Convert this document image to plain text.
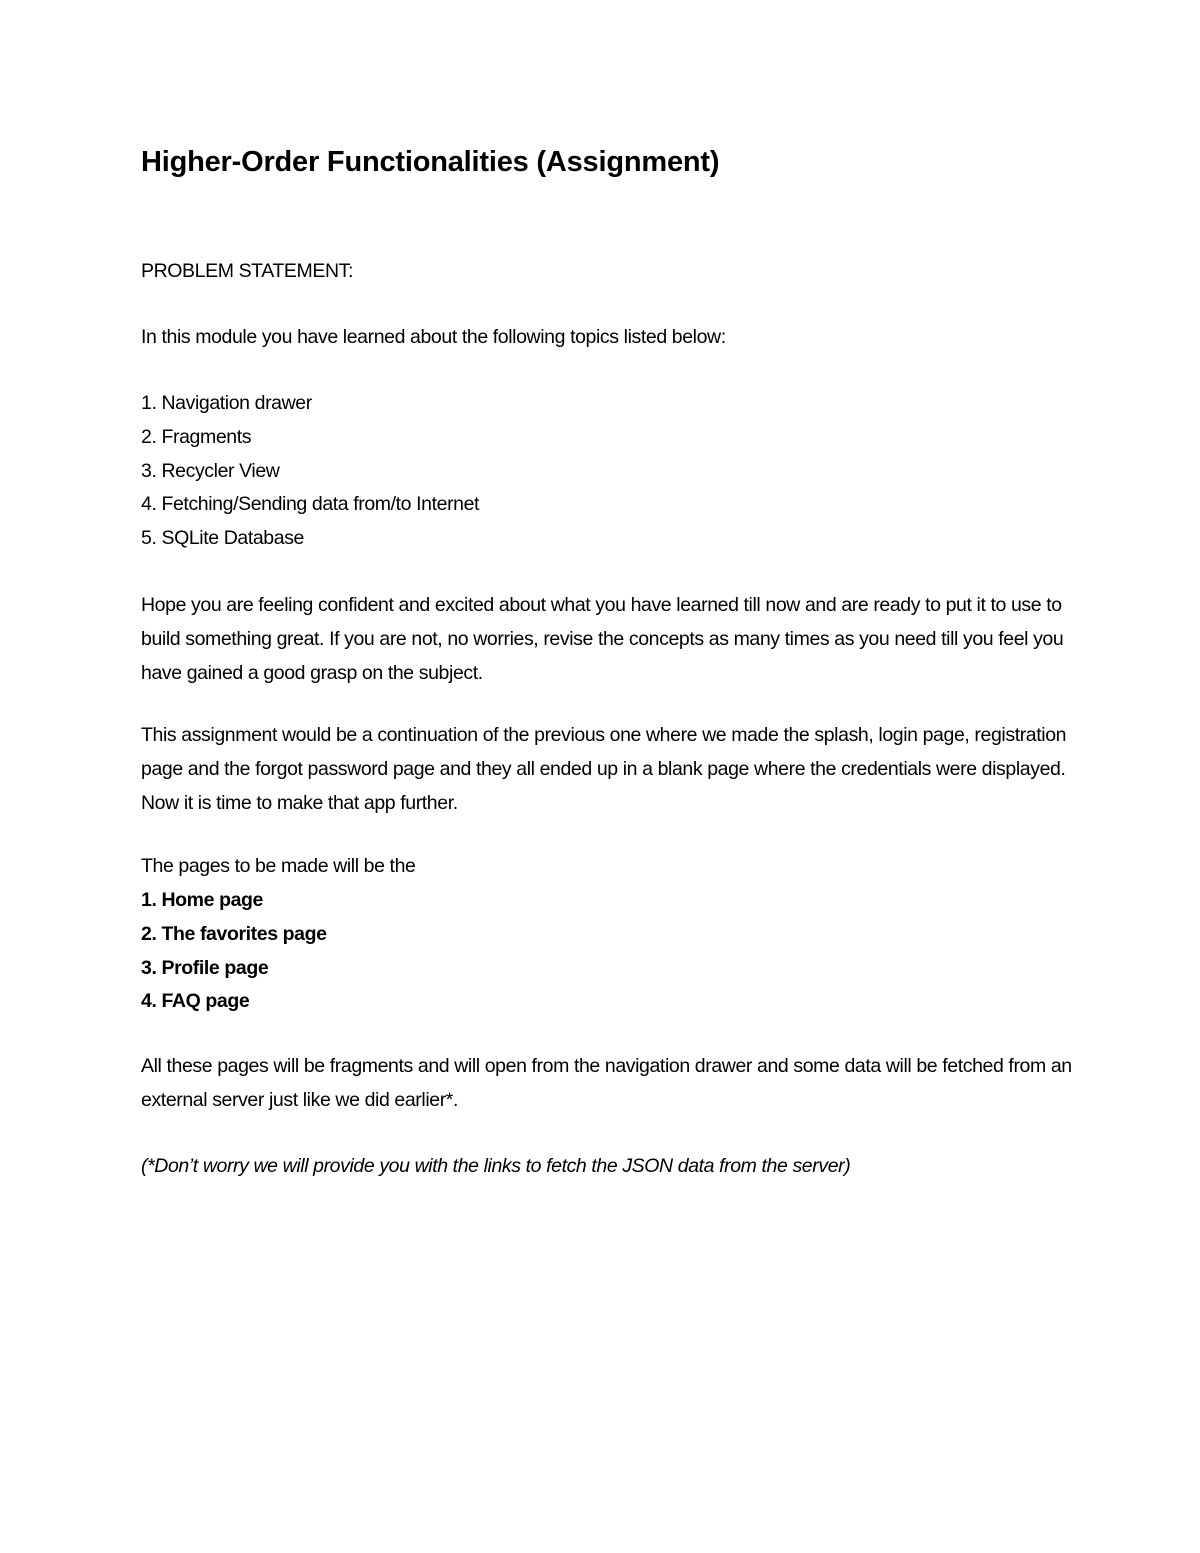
Higher-Order Functionalities (Assignment)

PROBLEM STATEMENT:

In this module you have learned about the following topics listed below:

1. Navigation drawer
2. Fragments
3. Recycler View
4. Fetching/Sending data from/to Internet
5. SQLite Database

Hope you are feeling confident and excited about what you have learned till now and are ready to put it to use to build something great. If you are not, no worries, revise the concepts as many times as you need till you feel you have gained a good grasp on the subject.

This assignment would be a continuation of the previous one where we made the splash, login page, registration page and the forgot password page and they all ended up in a blank page where the credentials were displayed. Now it is time to make that app further.

The pages to be made will be the

1. Home page
2. The favorites page
3. Profile page
4. FAQ page

All these pages will be fragments and will open from the navigation drawer and some data will be fetched from an external server just like we did earlier*.

(*Don’t worry we will provide you with the links to fetch the JSON data from the server)
